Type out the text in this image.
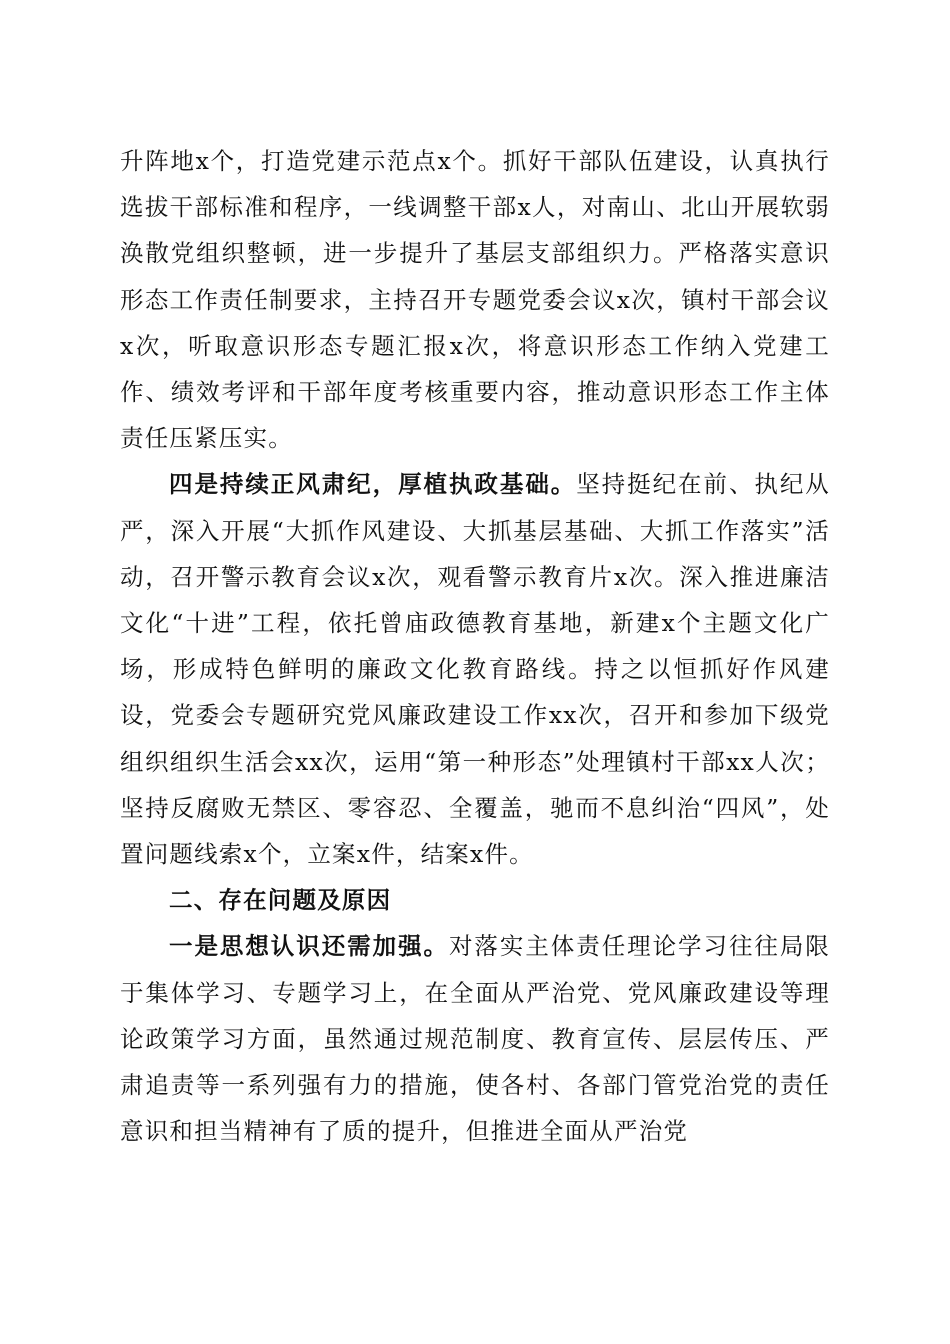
升阵地x个，打造党建示范点x个。抓好干部队伍建设，认真执行选拔干部标准和程序，一线调整干部x人，对南山、北山开展软弱涣散党组织整顿，进一步提升了基层支部组织力。严格落实意识形态工作责任制要求，主持召开专题党委会议x次，镇村干部会议x次，听取意识形态专题汇报x次，将意识形态工作纳入党建工作、绩效考评和干部年度考核重要内容，推动意识形态工作主体责任压紧压实。

四是持续正风肃纪，厚植执政基础。坚持挺纪在前、执纪从严，深入开展“大抓作风建设、大抓基层基础、大抓工作落实”活动，召开警示教育会议x次，观看警示教育片x次。深入推进廉洁文化“十进”工程，依托曾庙政德教育基地，新建x个主题文化广场，形成特色鲜明的廉政文化教育路线。持之以恒抓好作风建设，党委会专题研究党风廉政建设工作xx次，召开和参加下级党组织组织生活会xx次，运用“第一种形态”处理镇村干部xx人次；坚持反腐败无禁区、零容忍、全覆盖，驰而不息纠治“四风”，处置问题线索x个，立案x件，结案x件。

二、存在问题及原因

一是思想认识还需加强。对落实主体责任理论学习往往局限于集体学习、专题学习上，在全面从严治党、党风廉政建设等理论政策学习方面，虽然通过规范制度、教育宣传、层层传压、严肃追责等一系列强有力的措施，使各村、各部门管党治党的责任意识和担当精神有了质的提升，但推进全面从严治党
